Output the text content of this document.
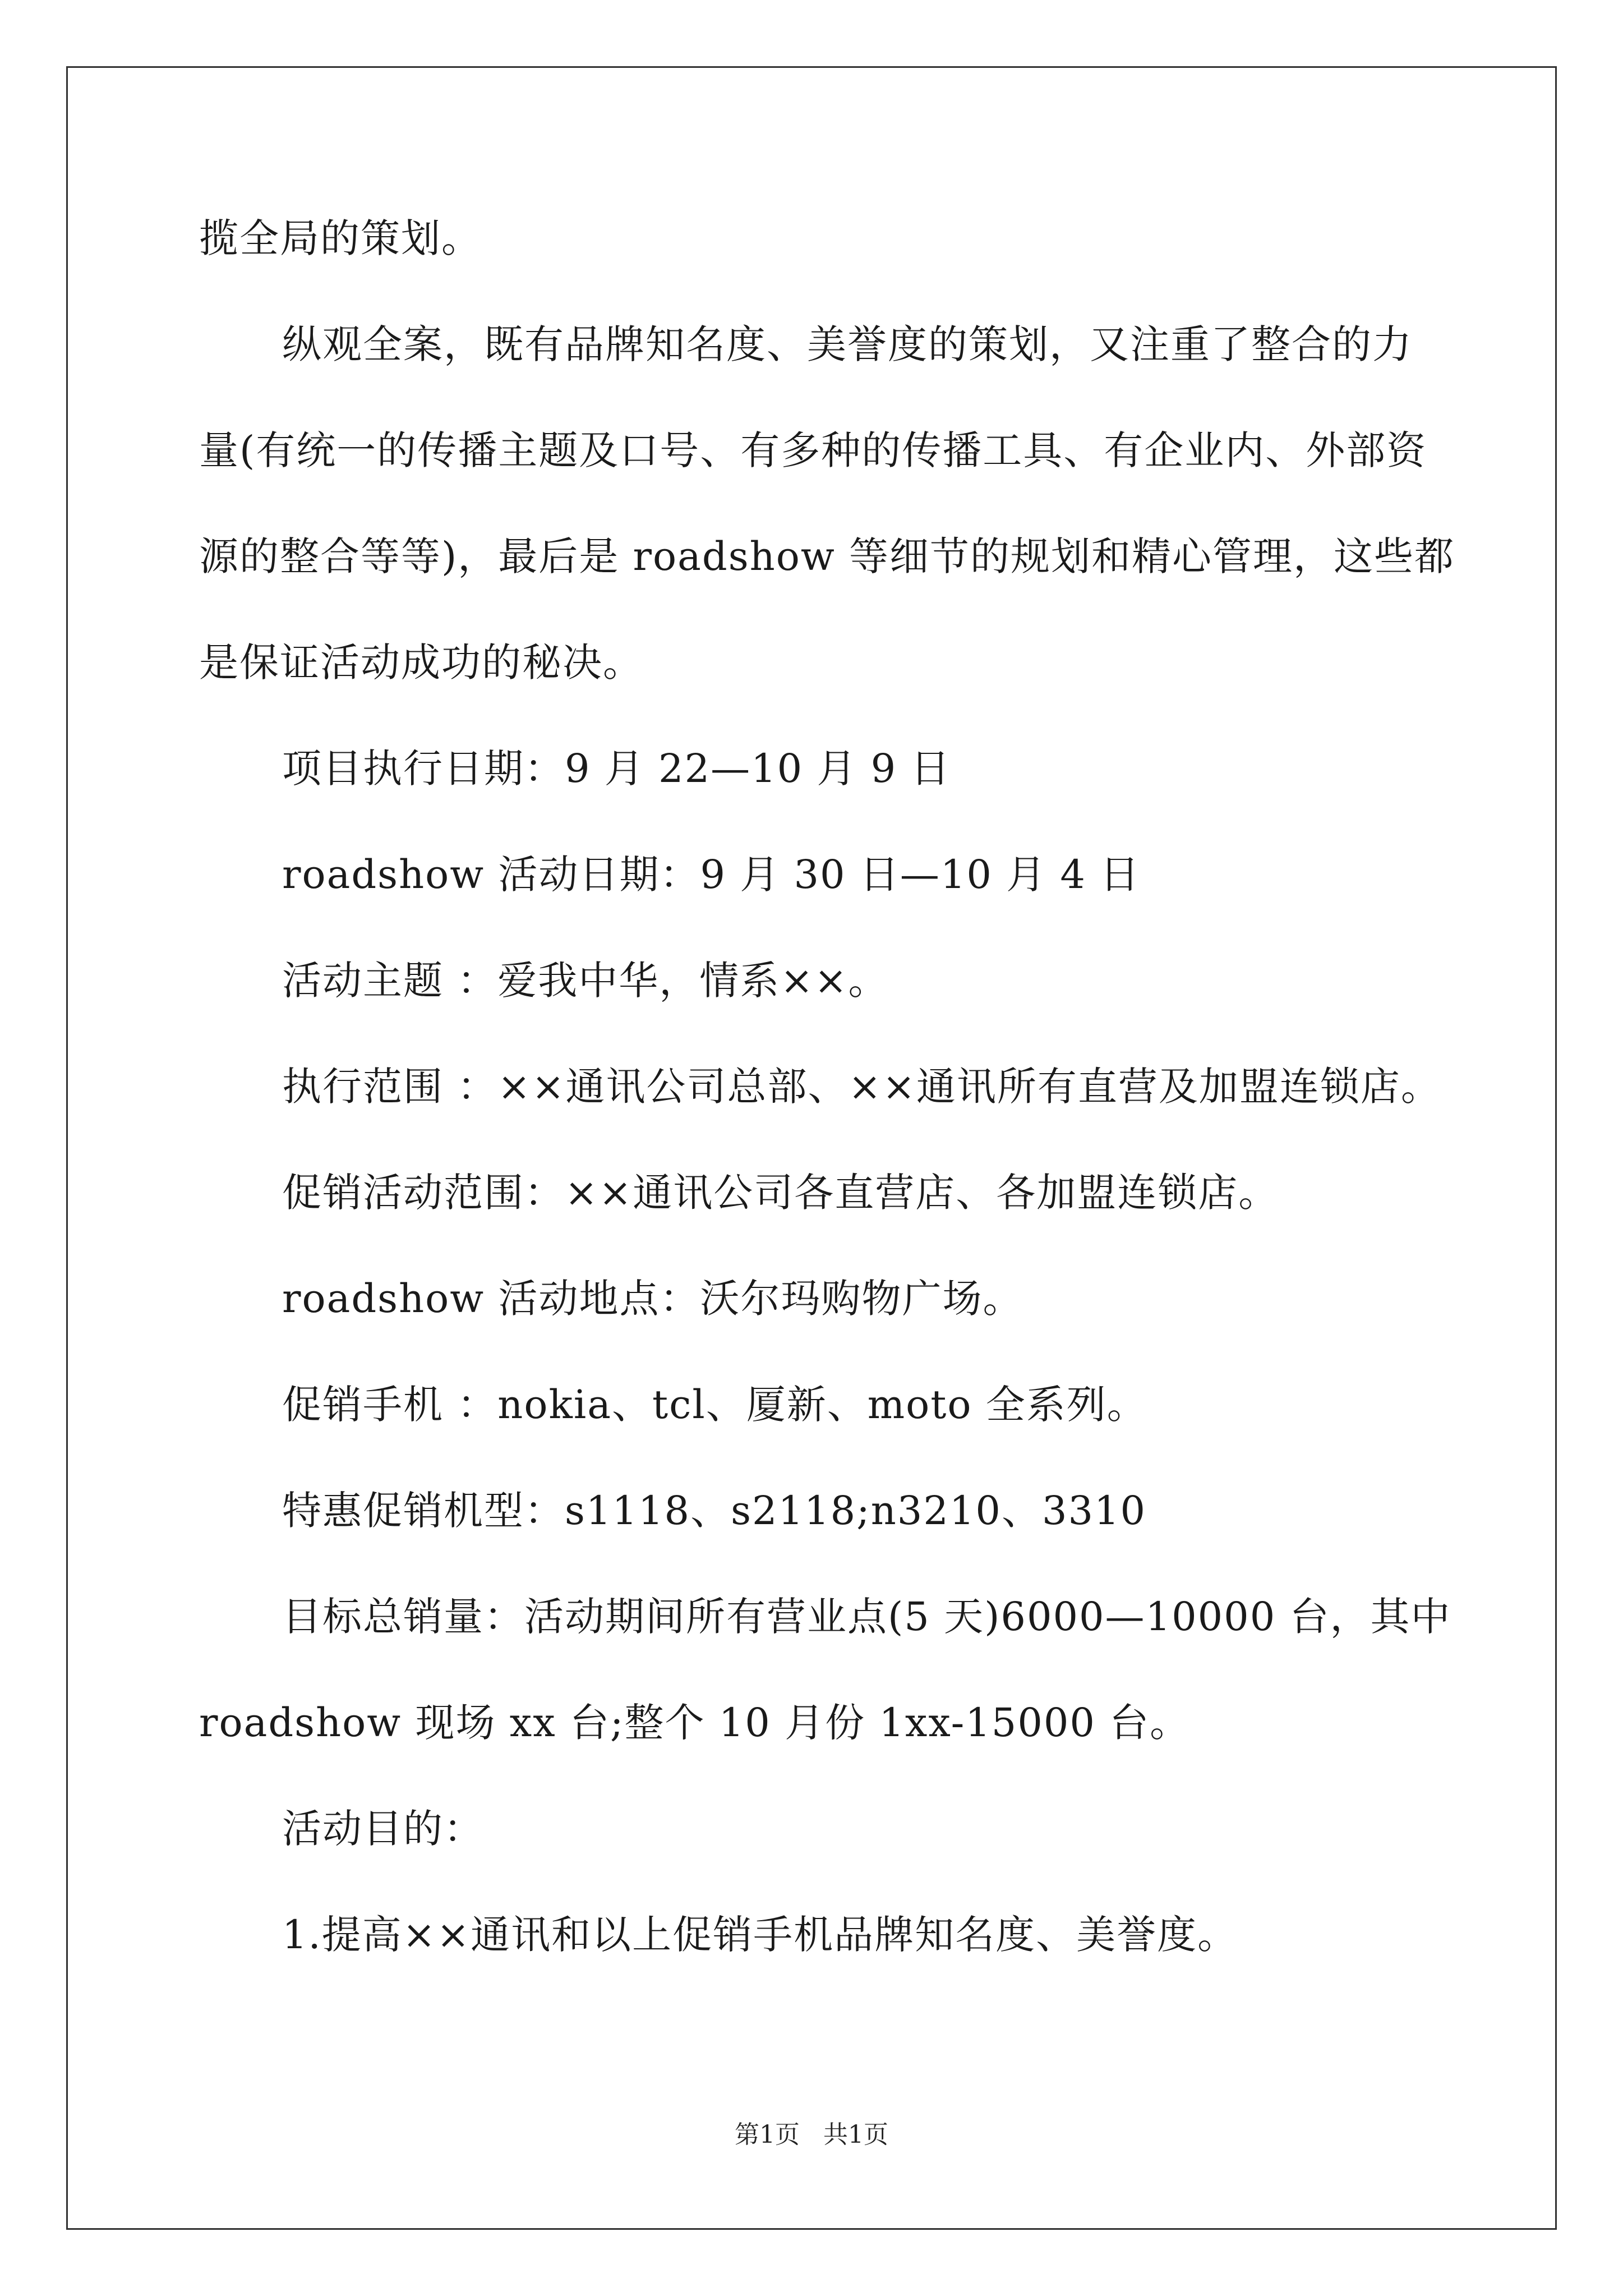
揽全局的策划。
纵观全案，既有品牌知名度、美誉度的策划，又注重了整合的力
量(有统一的传播主题及口号、有多种的传播工具、有企业内、外部资
源的整合等等)，最后是 roadshow 等细节的规划和精心管理，这些都
是保证活动成功的秘决。
项目执行日期：9 月 22—10 月 9 日
roadshow 活动日期：9 月 30 日—10 月 4 日
活动主题 ：爱我中华，情系××。
执行范围 ：××通讯公司总部、××通讯所有直营及加盟连锁店。
促销活动范围：××通讯公司各直营店、各加盟连锁店。
roadshow 活动地点：沃尔玛购物广场。
促销手机 ：nokia、tcl、厦新、moto 全系列。
特惠促销机型：s1118、s2118;n3210、3310
目标总销量：活动期间所有营业点(5 天)6000—10000 台，其中
roadshow 现场 xx 台;整个 10 月份 1xx-15000 台。
活动目的：
1.提高××通讯和以上促销手机品牌知名度、美誉度。
第1页 共1页
